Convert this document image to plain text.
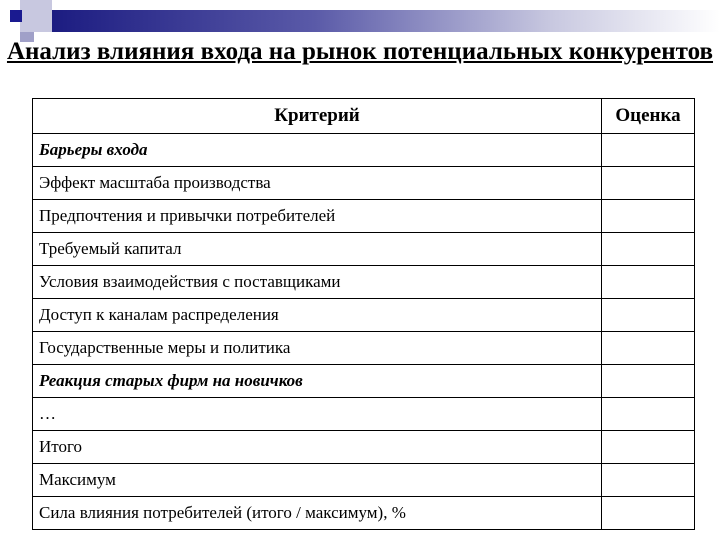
Анализ влияния входа на рынок потенциальных конкурентов
Критерий	Оценка
Барьеры входа	
Эффект масштаба производства	
Предпочтения и привычки потребителей	
Требуемый капитал	
Условия взаимодействия с поставщиками	
Доступ к каналам распределения	
Государственные меры и политика	
Реакция старых фирм на новичков	
…	
Итого	
Максимум	
Сила влияния потребителей (итого / максимум), %	
